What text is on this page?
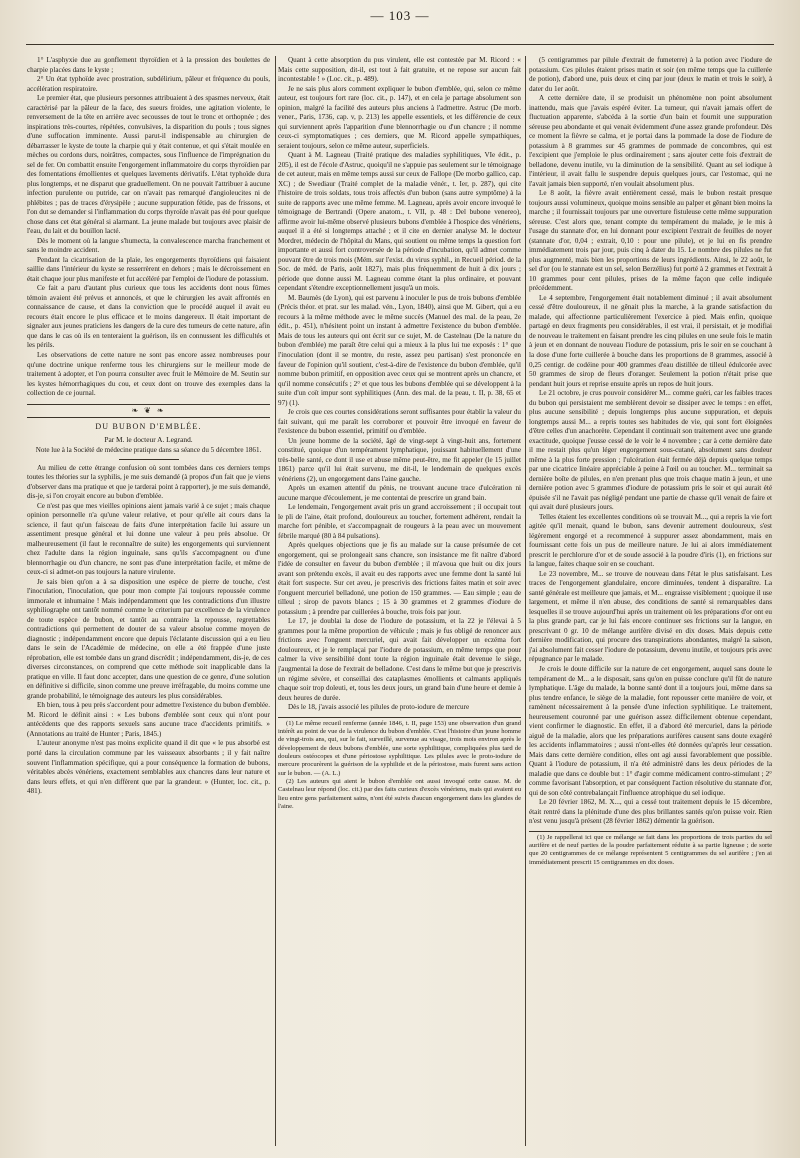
— 103 —

1° L'asphyxie due au gonflement thyroïdien et à la pression des boulettes de charpie placées dans le kyste ;

2° Un état typhoïde avec prostration, subdélirium, pâleur et fréquence du pouls, accélération respiratoire.

Le premier état, que plusieurs personnes attribuaient à des spasmes nerveux, était caractérisé par la pâleur de la face, des sueurs froides, une agitation violente, le renversement de la tête en arrière avec secousses de tout le tronc et orthopnée ; des inspirations très-courtes, répétées, convulsives, la disparition du pouls ; tous signes d'une suffocation imminente. Aussi parut-il indispensable au chirurgien de débarrasser le kyste de toute la charpie qui y était contenue, et qui s'était moulée en mèches ou cordons durs, noirâtres, compactes, sous l'influence de l'imprégnation du sel de fer. On combattit ensuite l'engorgement inflammatoire du corps thyroïdien par des fomentations émollientes et quelques lavements dérivatifs. L'état typhoïde dura plus longtemps, et ne disparut que graduellement. On ne pouvait l'attribuer à aucune infection purulente ou putride, car on n'avait pas remarqué d'angioleucites ni de phlébites ; pas de traces d'érysipèle ; aucune suppuration fétide, pas de frissons, et l'on dut se demander si l'inflammation du corps thyroïde n'avait pas été pour quelque chose dans cet état général si alarmant. La jeune malade but toujours avec plaisir de l'eau, du lait et du bouillon lacté.

Dès le moment où la langue s'humecta, la convalescence marcha franchement et sans le moindre accident.

Pendant la cicatrisation de la plaie, les engorgements thyroïdiens qui faisaient saillie dans l'intérieur du kyste se resserrèrent en dehors ; mais le décroissement en était chaque jour plus manifeste et fut accéléré par l'emploi de l'iodure de potassium.

Ce fait a paru d'autant plus curieux que tous les accidents dont nous fûmes témoin avaient été prévus et annoncés, et que le chirurgien les avait affrontés en connaissance de cause, et dans la conviction que le procédé auquel il avait eu recours était encore le plus efficace et le moins dangereux. Il était important de signaler aux jeunes praticiens les dangers de la cure des tumeurs de cette nature, afin que dans le cas où ils en tenteraient la guérison, ils en connussent les difficultés et les périls.

Les observations de cette nature ne sont pas encore assez nombreuses pour qu'une doctrine unique renferme tous les chirurgiens sur le meilleur mode de traitement à adopter, et l'on pourra consulter avec fruit le Mémoire de M. Seutin sur les kystes hémorrhagiques du cou, et ceux dont on trouve des exemples dans la collection de ce journal.

❧ ❦ ❧
DU BUBON D'EMBLÉE.
Par M. le docteur A. Legrand.
Note lue à la Société de médecine pratique dans sa séance du 5 décembre 1861.

Au milieu de cette étrange confusion où sont tombées dans ces derniers temps toutes les théories sur la syphilis, je me suis demandé (à propos d'un fait que je viens d'observer dans ma pratique et que je tarderai point à rapporter), je me suis demandé, dis-je, si l'on croyait encore au bubon d'emblée.

Ce n'est pas que mes vieilles opinions aient jamais varié à ce sujet ; mais chaque opinion personnelle n'a qu'une valeur relative, et pour qu'elle ait cours dans la science, il faut qu'un faisceau de faits d'une interprétation facile lui assure un assentiment presque général et lui donne une valeur à peu près absolue. Or malheureusement (il faut le reconnaître de suite) les engorgements qui surviennent chez l'adulte dans la région inguinale, sans qu'ils s'accompagnent ou d'une blennorrhagie ou d'un chancre, ne sont pas d'une interprétation facile, et même de ceux-ci si admet-on pas toujours la nature virulente.

Je sais bien qu'on a à sa disposition une espèce de pierre de touche, c'est l'inoculation, l'inoculation, que pour mon compte j'ai toujours repoussée comme immorale et inhumaine ! Mais indépendamment que les contradictions d'un illustre syphiliographe ont tantôt nommé comme le criterium par excellence de la virulence de toute espèce de bubon, et tantôt au contraire la repousse, regrettables contradictions qui permettent de douter de sa valeur absolue comme moyen de diagnostic ; indépendamment encore que depuis l'éclatante discussion qui a eu lieu dans le sein de l'Académie de médecine, on elle a été frappée d'une juste réprobation, elle est tombée dans un grand discrédit ; indépendamment, dis-je, de ces diverses circonstances, on comprend que cette méthode soit inapplicable dans la pratique en ville. Il faut donc accepter, dans une question de ce genre, d'une solution en définitive si difficile, sinon comme une preuve irréfragable, du moins comme une grande probabilité, le témoignage des auteurs les plus considérables.

Eh bien, tous à peu près s'accordent pour admettre l'existence du bubon d'emblée. M. Ricord le définit ainsi : « Les bubons d'emblée sont ceux qui n'ont pour antécédents que des rapports sexuels sans aucune trace d'accidents primitifs. » (Annotations au traité de Hunter ; Paris, 1845.)

L'auteur anonyme n'est pas moins explicite quand il dit que « le pus absorbé est porté dans la circulation commune par les vaisseaux absorbants ; il y fait naître souvent l'inflammation spécifique, qui a pour conséquence la formation de bubons, véritables abcès vénériens, exactement semblables aux chancres dans leur nature et dans leurs effets, et qui n'en diffèrent que par la grandeur. » (Hunter, loc. cit., p. 481).

Quant à cette absorption du pus virulent, elle est contestée par M. Ricord : « Mais cette supposition, dit-il, est tout à fait gratuite, et ne repose sur aucun fait incontestable ! » (Loc. cit., p. 489).

Je ne sais plus alors comment expliquer le bubon d'emblée, qui, selon ce même auteur, est toujours fort rare (loc. cit., p. 147), et en cela je partage absolument son opinion, malgré la facilité des auteurs plus anciens à l'admettre. Astruc (De morb. vener., Paris, 1736, cap. v, p. 213) les appelle essentiels, et les différencie de ceux qui surviennent après l'apparition d'une blennorrhagie ou d'un chancre ; il nomme ceux-ci symptomatiques ; ces derniers, que M. Ricord appelle sympathiques, seraient toujours, selon ce même auteur, superficiels.

Quant à M. Lagneau (Traité pratique des maladies syphilitiques, VIe édit., p. 205), il est de l'école d'Astruc, quoiqu'il ne s'appuie pas seulement sur le témoignage de cet auteur, mais en même temps aussi sur ceux de Fallope (De morbo gallico, cap. XC) ; de Swediaur (Traité complet de la maladie vénér., t. Ier, p. 287), qui cite l'histoire de trois soldats, tous trois affectés d'un bubon (sans autre symptôme) à la suite de rapports avec une même femme. M. Lagneau, après avoir encore invoqué le témoignage de Bertrandi (Opere anatom., t. VII, p. 48 : Del bubone venereo), affirme avoir lui-même observé plusieurs bubons d'emblée à l'hospice des vénériens, auquel il a été si longtemps attaché ; et il cite en dernier analyse M. le docteur Mordret, médecin de l'hôpital du Mans, qui soutient ou même temps la question fort importante et aussi fort controversée de la période d'incubation, qu'il admet comme pouvant être de trois mois (Mém. sur l'exist. du virus syphil., in Recueil périod. de la Soc. de méd. de Paris, août 1827), mais plus fréquemment de huit à dix jours ; période que donne aussi M. Lagneau comme étant la plus ordinaire, et pouvant cependant s'étendre exceptionnellement jusqu'à un mois.

M. Baumès (de Lyon), qui est parvenu à inoculer le pus de trois bubons d'emblée (Précis théor. et prat. sur les malad. vén., Lyon, 1840), ainsi que M. Gibert, qui a eu recours à la même méthode avec le même succès (Manuel des mal. de la peau, 2e édit., p. 451), n'hésitent point un instant à admettre l'existence du bubon d'emblée. Mais de tous les auteurs qui ont écrit sur ce sujet, M. de Castelnau (De la nature du bubon d'emblée) me paraît être celui qui a mieux à la plus lui tue exposés : 1° que l'inoculation (dont il se montre, du reste, assez peu partisan) s'est prononcée en faveur de l'opinion qu'il soutient, c'est-à-dire de l'existence du bubon d'emblée, qu'il nomme bubon primitif, en opposition avec ceux qui se montrent après un chancre, et qu'il nomme consécutifs ; 2° et que tous les bubons d'emblée qui se développent à la suite d'un coït impur sont syphilitiques (Ann. des mal. de la peau, t. II, p. 38, 65 et 97) (1).

Je crois que ces courtes considérations seront suffisantes pour établir la valeur du fait suivant, qui me paraît les corroborer et pouvoir être invoqué en faveur de l'existence du bubon essentiel, primitif ou d'emblée.

Un jeune homme de la société, âgé de vingt-sept à vingt-huit ans, fortement constitué, quoique d'un tempérament lymphatique, jouissant habituellement d'une très-belle santé, ce dont il use et abuse même peut-être, me fit appeler (le 15 juillet 1861) parce qu'il lui était survenu, me dit-il, le lendemain de quelques excès vénériens (2), un engorgement dans l'aine gauche.

Après un examen attentif du pénis, ne trouvant aucune trace d'ulcération ni aucune marque d'écoulement, je me contentai de prescrire un grand bain.

Le lendemain, l'engorgement avait pris un grand accroissement ; il occupait tout le pli de l'aine, était profond, douloureux au toucher, fortement adhérent, rendait la marche fort pénible, et s'accompagnait de rougeurs à la peau avec un mouvement fébrile marqué (80 à 84 pulsations).

Après quelques objections que je fis au malade sur la cause présumée de cet engorgement, qui se prolongeait sans chancre, son insistance me fit naître d'abord l'idée de consulter en faveur du bubon d'emblée ; il m'avoua que huit ou dix jours avant son prétendu excès, il avait eu des rapports avec une femme dont la santé lui était fort suspecte. Sur cet aveu, je prescrivis des frictions faites matin et soir avec l'onguent mercuriel belladoné, une potion de 150 grammes. — Eau simple ; eau de tilleul ; sirop de pavots blancs ; 15 à 30 grammes et 2 grammes d'iodure de potassium ; à prendre par cuillerées à bouche, trois fois par jour.

Le 17, je doublai la dose de l'iodure de potassium, et la 22 je l'élevai à 5 grammes pour la même proportion de véhicule ; mais je fus obligé de renoncer aux frictions avec l'onguent mercuriel, qui avait fait développer un eczéma fort douloureux, et je le remplaçai par l'iodure de potassium, en même temps que pour calmer la vive sensibilité dont toute la région inguinale était devenue le siège, j'augmentai la dose de l'extrait de belladone. C'est dans le même but que je prescrivis un régime sévère, et conseillai des cataplasmes émollients et calmants appliqués chaque soir trop doleuti, et, tous les deux jours, un grand bain d'une heure et demie à deux heures de durée.

Dès le 18, j'avais associé les pilules de proto-iodure de mercure

(1) Le même recueil renferme (année 1846, t. II, page 153) une observation d'un grand intérêt au point de vue de la virulence du bubon d'emblée. C'est l'histoire d'un jeune homme de vingt-trois ans, qui, sur le fait, surveillé, survenue au visage, trois mois environ après le développement de deux bubons d'emblée, une sorte syphilitique, compliquées plus tard de douleurs ostéocopes et d'une périostose syphilitique. Les pilules avec le proto-iodure de mercure procurèrent la guérison de la syphilide et de la périostose, mais furent sans action sur le bubon. — (A. L.)

(2) Les auteurs qui aient le bubon d'emblée ont aussi invoqué cette cause. M. de Castelnau leur répond (loc. cit.) par des faits curieux d'excès vénériens, mais qui avaient eu lieu entre gens parfaitement sains, n'ont été suivis d'aucun engorgement dans les glandes de l'aine.

(5 centigrammes par pilule d'extrait de fumeterre) à la potion avec l'iodure de potassium. Ces pilules étaient prises matin et soir (en même temps que la cuillerée de potion), d'abord une, puis deux et cinq par jour (deux le matin et trois le soir), à dater du 1er août.

A cette dernière date, il se produisit un phénomène non point absolument inattendu, mais que j'avais espéré éviter. La tumeur, qui n'avait jamais offert de fluctuation apparente, s'abcéda à la sortie d'un bain et fournit une suppuration séreuse peu abondante et qui venait évidemment d'une assez grande profondeur. Dès ce moment la fièvre se calma, et je portai dans la pommade la dose de l'iodure de potassium à 8 grammes sur 45 grammes de pommade de concombres, qui est l'excipient que j'emploie le plus ordinairement ; sans ajouter cette fois d'extrait de belladone, devenu inutile, vu la diminution de la sensibilité. Quant au sel iodique à l'intérieur, il avait fallu le suspendre depuis quelques jours, car l'estomac, qui ne l'avait jamais bien supporté, n'en voulait absolument plus.

Le 8 août, la fièvre avait entièrement cessé, mais le bubon restait presque toujours aussi volumineux, quoique moins sensible au palper et gênant bien moins la marche ; il fournissait toujours par une ouverture fistuleuse cette même suppuration séreuse. C'est alors que, tenant compte du tempérament du malade, je le mis à l'usage du stannate d'or, en lui donnant pour excipient l'extrait de feuilles de noyer (stannate d'or, 0,04 ; extrait, 0,10 : pour une pilule), et je lui en fis prendre immédiatement trois par jour, puis cinq à dater du 15. Le nombre des pilules ne fut plus augmenté, mais bien les proportions de leurs ingrédients. Ainsi, le 22 août, le sel d'or (ou le stannate est un sel, selon Berzélius) fut porté à 2 grammes et l'extrait à 10 grammes pour cent pilules, prises de la même façon que celle indiquée précédemment.

Le 4 septembre, l'engorgement était notablement diminué ; il avait absolument cessé d'être douloureux, il ne gênait plus la marche, à la grande satisfaction du malade, qui affectionne particulièrement l'exercice à pied. Mais enfin, quoique partagé en deux fragments peu considérables, il est vrai, il persistait, et je modifiai de nouveau le traitement en faisant prendre les cinq pilules en une seule fois le matin à jeun et en donnant de nouveau l'iodure de potassium, pris le soir en se couchant à la dose d'une forte cuillerée à bouche dans les proportions de 8 grammes, associé à 0,25 centigr. de codéine pour 400 grammes d'eau distillée de tilleul édulcorée avec 50 grammes de sirop de fleurs d'oranger. Seulement la potion n'était prise que pendant huit jours et reprise ensuite après un repos de huit jours.

Le 21 octobre, je crus pouvoir considérer M... comme guéri, car les faibles traces du bubon qui persistaient me semblèrent devoir se dissiper avec le temps : en effet, plus aucune sensibilité ; depuis longtemps plus aucune suppuration, et depuis longtemps aussi M... a repris toutes ses habitudes de vie, qui sont fort éloignées d'être celles d'un anachorète. Cependant il continuait son traitement avec une grande exactitude, quoique j'eusse cessé de le voir le 4 novembre ; car à cette dernière date il me restait plus qu'un léger engorgement sous-cutané, absolument sans douleur même à la plus forte pression ; l'ulcération était fermée déjà depuis quelque temps par une cicatrice linéaire appréciable à peine à l'œil ou au toucher. M... terminait sa dernière boîte de pilules, en n'en prenant plus que trois chaque matin à jeun, et une dernière potion avec 5 grammes d'iodure de potassium pris le soir et qui aurait été épuisée s'il ne l'avait pas négligé pendant une partie de chasse qu'il venait de faire et qui avait duré plusieurs jours.

Telles étaient les excellentes conditions où se trouvait M..., qui a repris la vie fort agitée qu'il menait, quand le bubon, sans devenir autrement douloureux, s'est légèrement engorgé et a recommencé à suppurer assez abondamment, mais en fournissant cette fois un pus de meilleure nature. Je lui ai alors immédiatement prescrit le perchlorure d'or et de soude associé à la poudre d'iris (1), en frictions sur la langue, faites chaque soir en se couchant.

Le 23 novembre, M... se trouve de nouveau dans l'état le plus satisfaisant. Les traces de l'engorgement glandulaire, encore diminuées, tendent à disparaître. La santé générale est meilleure que jamais, et M... engraisse visiblement ; quoique il use largement, et même il n'en abuse, des conditions de santé si remarquables dans lesquelles il se trouve aujourd'hui après un traitement où les préparations d'or ont eu la plus grande part, car je lui fais encore continuer ses frictions sur la langue, en prescrivant 0 gr. 10 de mélange aurifère divisé en dix doses. Mais depuis cette dernière modification, qui procure des transpirations abondantes, malgré la saison, j'ai absolument fait cesser l'iodure de potassium, devenu inutile, et toujours pris avec répugnance par le malade.

Je crois le doute difficile sur la nature de cet engorgement, auquel sans doute le tempérament de M... a le disposait, sans qu'on en puisse conclure qu'il fût de nature lymphatique. L'âge du malade, la bonne santé dont il a toujours joui, même dans sa plus tendre enfance, le siège de la maladie, font repousser cette manière de voir, et ramènent nécessairement à la pensée d'une infection syphilitique. Le traitement, heureusement couronné par une guérison assez difficilement obtenue cependant, vient confirmer le diagnostic. En effet, il a d'abord été mercuriel, dans la période aiguë de la maladie, alors que les préparations aurifères causent sans doute exagéré les accidents inflammatoires ; aussi n'ont-elles été données qu'après leur cessation. Mais dans cette dernière condition, elles ont agi aussi favorablement que possible. Quant à l'iodure de potassium, il n'a été administré dans les deux périodes de la maladie que dans ce double but : 1° d'agir comme médicament contro-stimulant ; 2° comme favorisant l'absorption, et par conséquent l'action résolutive du stannate d'or, qui de son côté contrebalançait l'influence atrophique du sel iodique.

Le 20 février 1862, M. X..., qui a cessé tout traitement depuis le 15 décembre, était rentré dans la plénitude d'une des plus brillantes santés qu'on puisse voir. Rien n'est venu jusqu'à présent (28 février 1862) démentir la guérison.

(1) Je rappellerai ici que ce mélange se fait dans les proportions de trois parties du sel aurifère et de neuf parties de la poudre parfaitement réduite à sa partie ligneuse ; de sorte que 20 centigrammes de ce mélange représentent 5 centigrammes du sel aurifère ; j'en ai immédiatement prescrit 15 centigrammes en dix doses.
